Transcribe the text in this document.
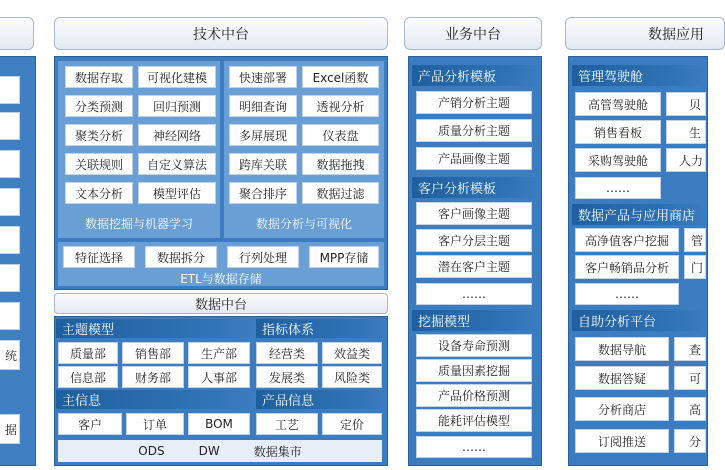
统
据
技术中台
数据存取	可视化建模
分类预测	回归预测
聚类分析	神经网络
关联规则	自定义算法
文本分析	模型评估
数据挖掘与机器学习
快速部署	Excel函数
明细查询	透视分析
多屏展现	仪表盘
跨库关联	数据拖拽
聚合排序	数据过滤
数据分析与可视化
特征选择	数据拆分	行列处理	MPP存储
ETL与数据存储
数据中台
主题模型
质量部	销售部	生产部
信息部	财务部	人事部
指标体系
经营类	效益类
发展类	风险类
主信息
客户	订单	BOM
产品信息
工艺	定价
ODS	DW	数据集市
业务中台
产品分析模板
产销分析主题
质量分析主题
产品画像主题
客户分析模板
客户画像主题
客户分层主题
潜在客户主题
……
挖掘模型
设备寿命预测
质量因素挖掘
产品价格预测
能耗评估模型
……
数据应用
管理驾驶舱
高管驾驶舱	贝
销售看板	生
采购驾驶舱	人力
……
数据产品与应用商店
高净值客户挖掘	管
客户畅销品分析	门
……
自助分析平台
数据导航	查
数据答疑	可
分析商店	高
订阅推送	分
